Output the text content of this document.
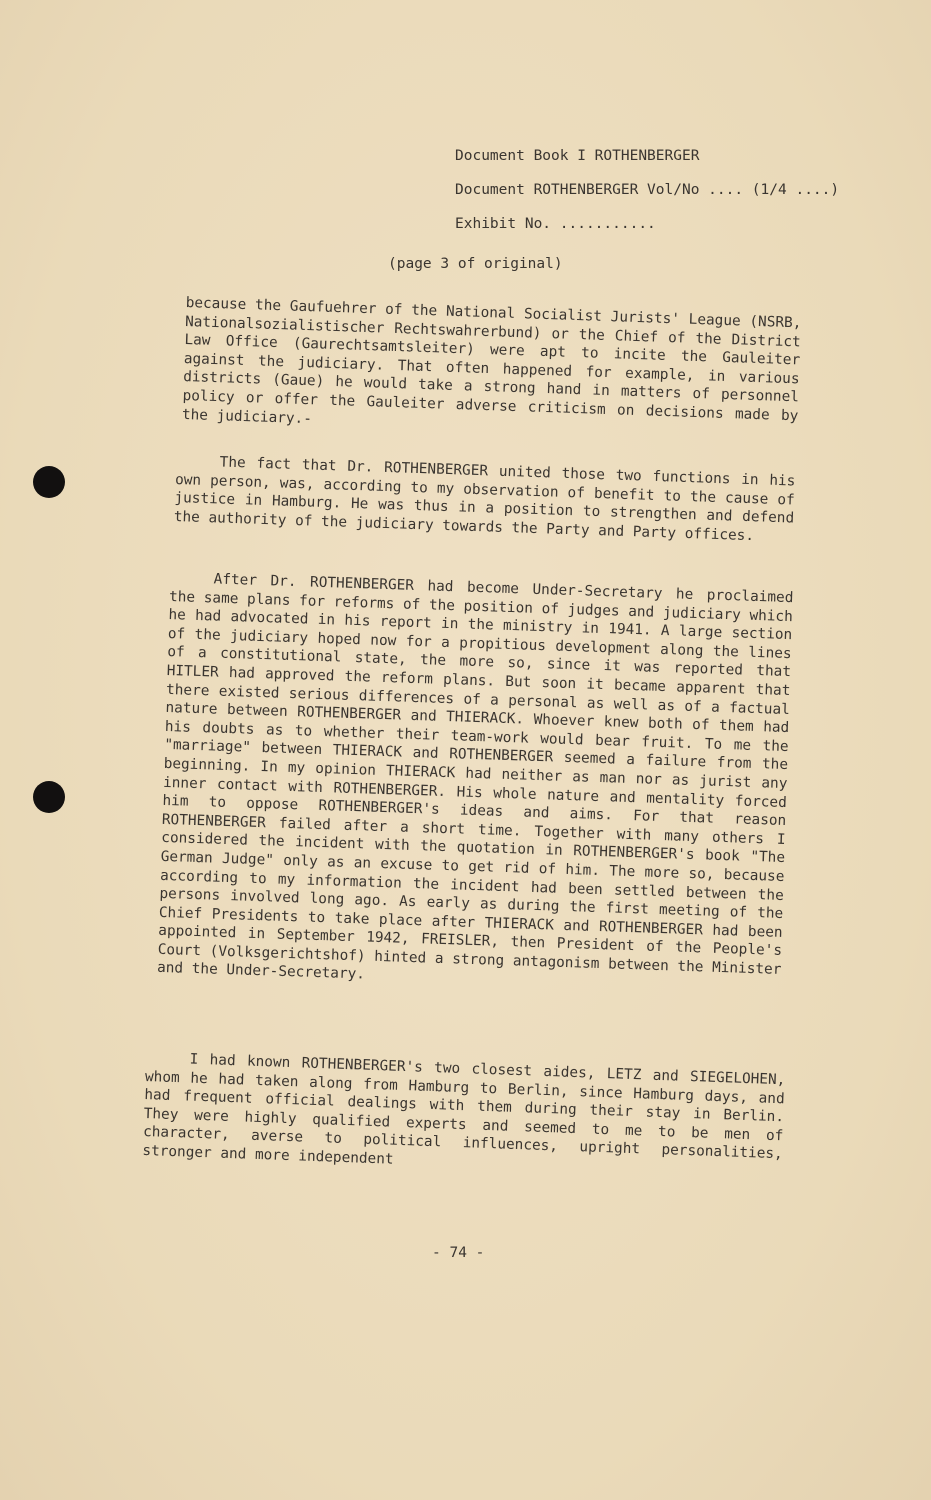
Document Book I ROTHENBERGER
Document ROTHENBERGER Vol/No .... (1/4 ....)
Exhibit No. ...........
(page 3 of original)

because the Gaufuehrer of the National Socialist Jurists' League (NSRB, Nationalsozialistischer Rechtswahrerbund) or the Chief of the District Law Office (Gaurechtsamtsleiter) were apt to incite the Gauleiter against the judiciary. That often happened for example, in various districts (Gaue) he would take a strong hand in matters of personnel policy or offer the Gauleiter adverse criticism on decisions made by the judiciary.-

The fact that Dr. ROTHENBERGER united those two functions in his own person, was, according to my observation of benefit to the cause of justice in Hamburg. He was thus in a position to strengthen and defend the authority of the judiciary towards the Party and Party offices.

After Dr. ROTHENBERGER had become Under-Secretary he proclaimed the same plans for reforms of the position of judges and judiciary which he had advocated in his report in the ministry in 1941. A large section of the judiciary hoped now for a propitious development along the lines of a constitutional state, the more so, since it was reported that HITLER had approved the reform plans. But soon it became apparent that there existed serious differences of a personal as well as of a factual nature between ROTHENBERGER and THIERACK. Whoever knew both of them had his doubts as to whether their team-work would bear fruit. To me the "marriage" between THIERACK and ROTHENBERGER seemed a failure from the beginning. In my opinion THIERACK had neither as man nor as jurist any inner contact with ROTHENBERGER. His whole nature and mentality forced him to oppose ROTHENBERGER's ideas and aims. For that reason ROTHENBERGER failed after a short time. Together with many others I considered the incident with the quotation in ROTHENBERGER's book "The German Judge" only as an excuse to get rid of him. The more so, because according to my information the incident had been settled between the persons involved long ago. As early as during the first meeting of the Chief Presidents to take place after THIERACK and ROTHENBERGER had been appointed in September 1942, FREISLER, then President of the People's Court (Volksgerichtshof) hinted a strong antagonism between the Minister and the Under-Secretary.

I had known ROTHENBERGER's two closest aides, LETZ and SIEGELOHEN, whom he had taken along from Hamburg to Berlin, since Hamburg days, and had frequent official dealings with them during their stay in Berlin. They were highly qualified experts and seemed to me to be men of character, averse to political influences, upright personalities, stronger and more independent

- 74 -
